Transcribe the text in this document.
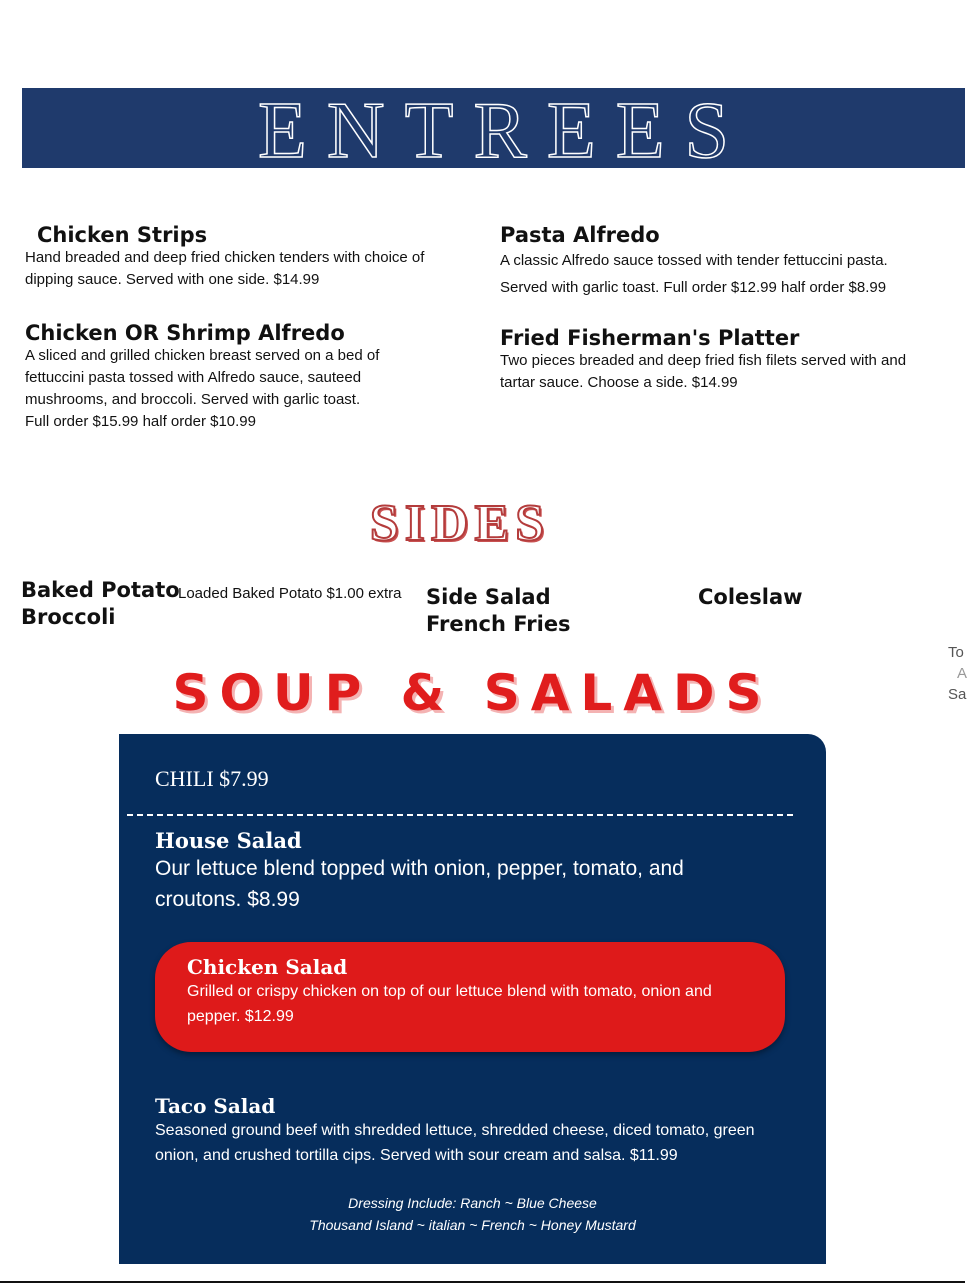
ENTREES
Chicken Strips
Hand breaded and deep fried chicken tenders with choice of dipping sauce. Served with one side. $14.99
Pasta Alfredo
A classic Alfredo sauce tossed with tender fettuccini pasta. Served with garlic toast. Full order $12.99 half order $8.99
Chicken OR Shrimp Alfredo
A sliced and grilled chicken breast served on a bed of fettuccini pasta tossed with Alfredo sauce, sauteed mushrooms, and broccoli. Served with garlic toast.
Full order $15.99 half order $10.99
Fried Fisherman's Platter
Two pieces breaded and deep fried fish filets served with and tartar sauce. Choose a side. $14.99
SIDES
Baked Potato
Loaded Baked Potato $1.00 extra
Broccoli
Side Salad
French Fries
Coleslaw
To
A
Sa
SOUP & SALADS
CHILI $7.99
House Salad
Our lettuce blend topped with onion, pepper, tomato, and croutons. $8.99
Chicken Salad
Grilled or crispy chicken on top of our lettuce blend with tomato, onion and pepper. $12.99
Taco Salad
Seasoned ground beef with shredded lettuce, shredded cheese, diced tomato, green onion, and crushed tortilla cips. Served with sour cream and salsa. $11.99
Dressing Include: Ranch ~ Blue Cheese
Thousand Island ~ italian ~ French ~ Honey Mustard
